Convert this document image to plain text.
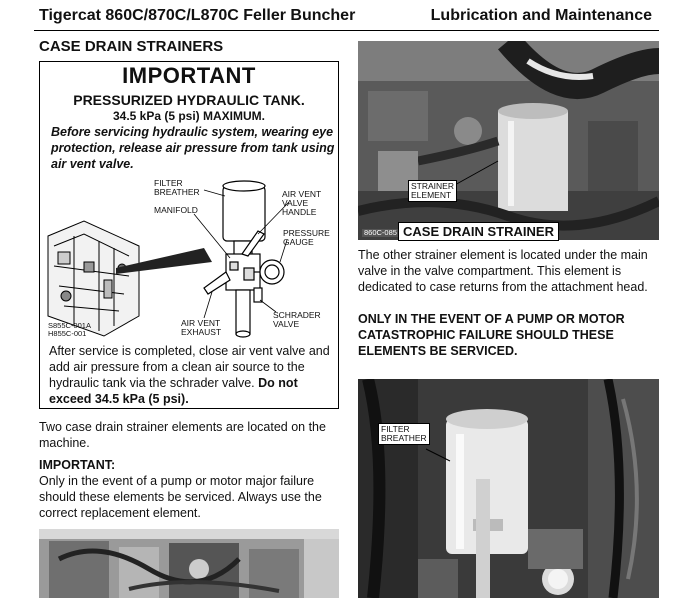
Tigercat 860C/870C/L870C Feller Buncher	Lubrication and Maintenance
CASE DRAIN STRAINERS
IMPORTANT
PRESSURIZED HYDRAULIC TANK.
34.5 kPa (5 psi) MAXIMUM.
Before servicing hydraulic system, wearing eye protection, release air pressure from tank using air vent valve.
FILTER
BREATHER
MANIFOLD
AIR VENT
VALVE
HANDLE
PRESSURE
GAUGE
AIR VENT
EXHAUST
SCHRADER
VALVE
S855C-001A
H855C-001
After service is completed, close air vent valve and add air pressure from a clean air source to the hydraulic tank via the schrader valve. Do not exceed 34.5 kPa (5 psi).
Two case drain strainer elements are located on the machine.
IMPORTANT:
Only in the event of a pump or motor major failure should these elements be serviced. Always use the correct replacement element.
STRAINER
ELEMENT
860C-085 CASE DRAIN STRAINER
The other strainer element is located under the main valve in the valve compartment. This element is dedicated to case returns from the attachment head.
ONLY IN THE EVENT OF A PUMP OR MOTOR CATASTROPHIC FAILURE SHOULD THESE ELEMENTS BE SERVICED.
FILTER
BREATHER
